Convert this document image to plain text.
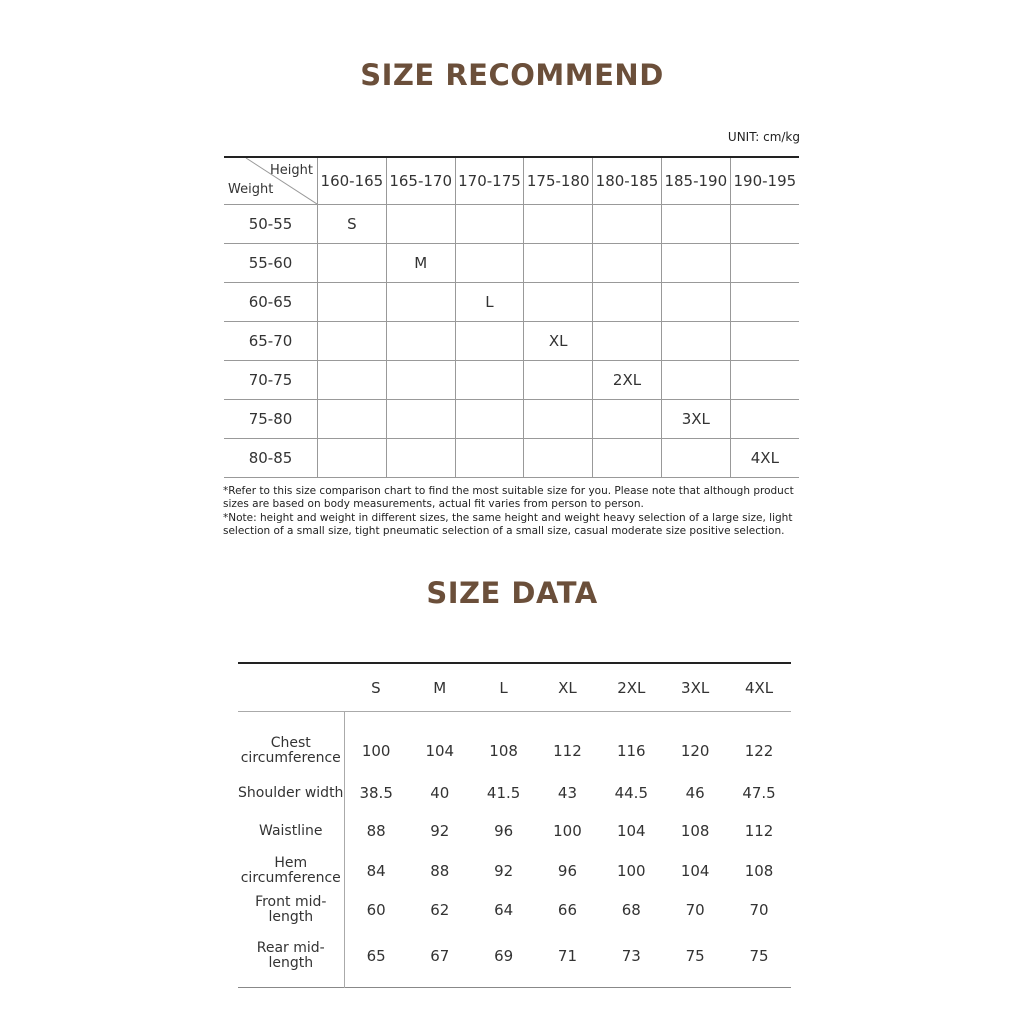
SIZE RECOMMEND
UNIT: cm/kg
Height
Weight	160-165	165-170	170-175	175-180	180-185	185-190	190-195
50-55	S						
55-60		M					
60-65			L				
65-70				XL			
70-75					2XL		
75-80						3XL	
80-85							4XL

*Refer to this size comparison chart to find the most suitable size for you. Please note that although product sizes are based on body measurements, actual fit varies from person to person.

*Note: height and weight in different sizes, the same height and weight heavy selection of a large size, light selection of a small size, tight pneumatic selection of a small size, casual moderate size positive selection.

SIZE DATA
	S	M	L	XL	2XL	3XL	4XL
Chest circumference	100	104	108	112	116	120	122
Shoulder width	38.5	40	41.5	43	44.5	46	47.5
Waistline	88	92	96	100	104	108	112
Hem circumference	84	88	92	96	100	104	108
Front mid-length	60	62	64	66	68	70	70
Rear mid-length	65	67	69	71	73	75	75
